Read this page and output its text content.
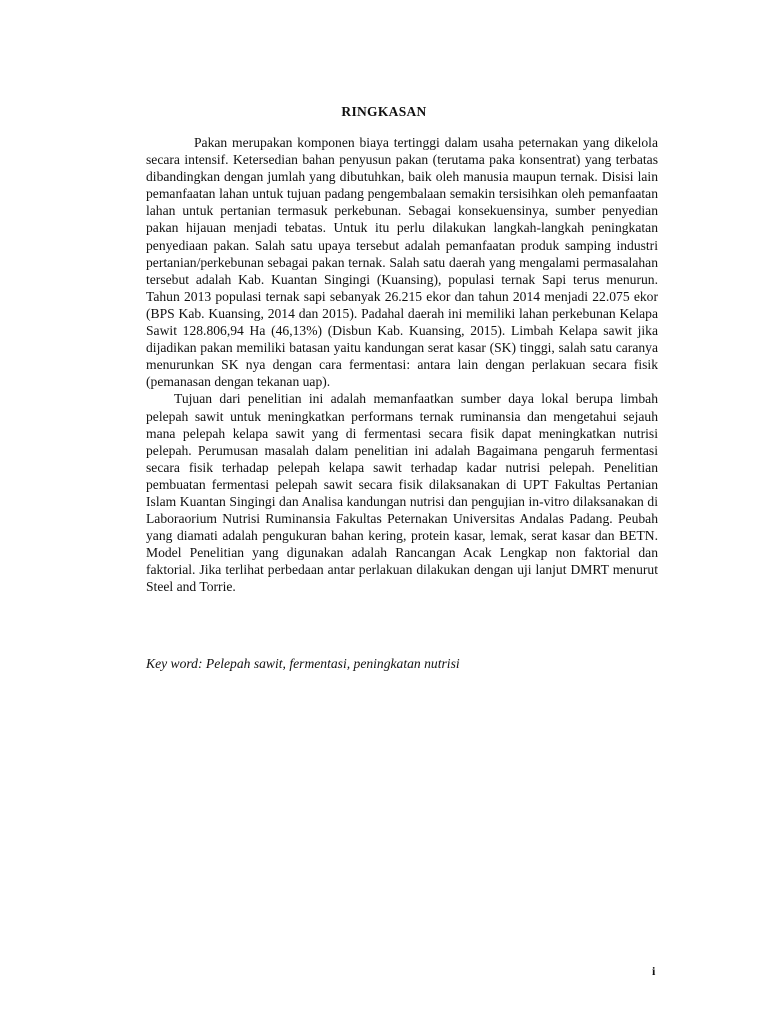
RINGKASAN

Pakan merupakan komponen biaya tertinggi dalam usaha peternakan yang dikelola secara intensif. Ketersedian bahan penyusun pakan (terutama paka konsentrat) yang terbatas dibandingkan dengan jumlah yang dibutuhkan, baik oleh manusia maupun ternak. Disisi lain pemanfaatan lahan untuk tujuan padang pengembalaan semakin tersisihkan oleh pemanfaatan lahan untuk pertanian termasuk perkebunan. Sebagai konsekuensinya, sumber penyedian pakan hijauan menjadi tebatas. Untuk itu perlu dilakukan langkah-langkah peningkatan penyediaan pakan. Salah satu upaya tersebut adalah pemanfaatan produk samping industri pertanian/perkebunan sebagai pakan ternak. Salah satu daerah yang mengalami permasalahan tersebut adalah Kab. Kuantan Singingi (Kuansing), populasi ternak Sapi terus menurun. Tahun 2013 populasi ternak sapi sebanyak 26.215 ekor dan tahun 2014 menjadi 22.075 ekor (BPS Kab. Kuansing, 2014 dan 2015). Padahal daerah ini memiliki lahan perkebunan Kelapa Sawit 128.806,94 Ha (46,13%) (Disbun Kab. Kuansing, 2015). Limbah Kelapa sawit jika dijadikan pakan memiliki batasan yaitu kandungan serat kasar (SK) tinggi, salah satu caranya menurunkan SK nya dengan cara fermentasi: antara lain dengan perlakuan secara fisik (pemanasan dengan tekanan uap).

Tujuan dari penelitian ini adalah memanfaatkan sumber daya lokal berupa limbah pelepah sawit untuk meningkatkan performans ternak ruminansia dan mengetahui sejauh mana pelepah kelapa sawit yang di fermentasi secara fisik dapat meningkatkan nutrisi pelepah. Perumusan masalah dalam penelitian ini adalah Bagaimana pengaruh fermentasi secara fisik terhadap pelepah kelapa sawit terhadap kadar nutrisi pelepah. Penelitian pembuatan fermentasi pelepah sawit secara fisik dilaksanakan di UPT Fakultas Pertanian Islam Kuantan Singingi dan Analisa kandungan nutrisi dan pengujian in-vitro dilaksanakan di Laboraorium Nutrisi Ruminansia Fakultas Peternakan Universitas Andalas Padang. Peubah yang diamati adalah pengukuran bahan kering, protein kasar, lemak, serat kasar dan BETN. Model Penelitian yang digunakan adalah Rancangan Acak Lengkap non faktorial dan faktorial. Jika terlihat perbedaan antar perlakuan dilakukan dengan uji lanjut DMRT menurut Steel and Torrie.

Key word: Pelepah sawit, fermentasi, peningkatan nutrisi
i
